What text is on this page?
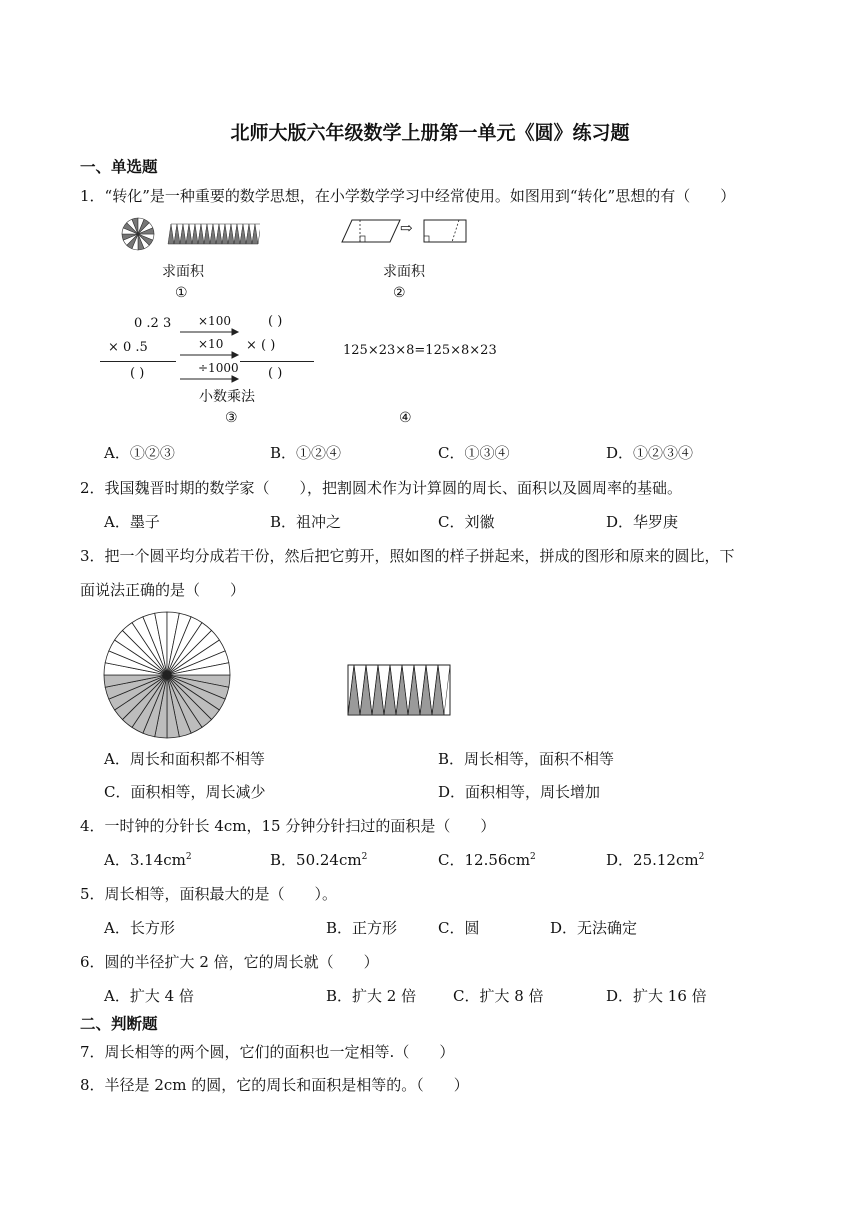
北师大版六年级数学上册第一单元《圆》练习题
一、单选题
1．“转化”是一种重要的数学思想，在小学数学学习中经常使用。如图用到“转化”思想的有（　　）
求面积
①
⇨
求面积
②
0 .2 3
× 0 .5
( )
×100
×10
÷1000
( )
× ( )
( )
小数乘法
③
125×23×8=125×8×23
④
A．①②③	B．①②④	C．①③④	D．①②③④
2．我国魏晋时期的数学家（　　），把割圆术作为计算圆的周长、面积以及圆周率的基础。
A．墨子	B．祖冲之	C．刘徽	D．华罗庚
3．把一个圆平均分成若干份，然后把它剪开，照如图的样子拼起来，拼成的图形和原来的圆比，下
面说法正确的是（　　）
A．周长和面积都不相等	B．周长相等，面积不相等
C．面积相等，周长减少	D．面积相等，周长增加
4．一时钟的分针长 4cm，15 分钟分针扫过的面积是（　　）
A．$3.14cm^2$	B．$50.24cm^2$	C．$12.56cm^2$	D．$25.12cm^2$
5．周长相等，面积最大的是（　　）。
A．长方形	B．正方形	C．圆	D．无法确定
6．圆的半径扩大 2 倍，它的周长就（　　）
A．扩大 4 倍	B．扩大 2 倍 C．扩大 8 倍	D．扩大 16 倍
二、判断题
7．周长相等的两个圆，它们的面积也一定相等.（　　）
8．半径是 2cm 的圆，它的周长和面积是相等的。（　　）
